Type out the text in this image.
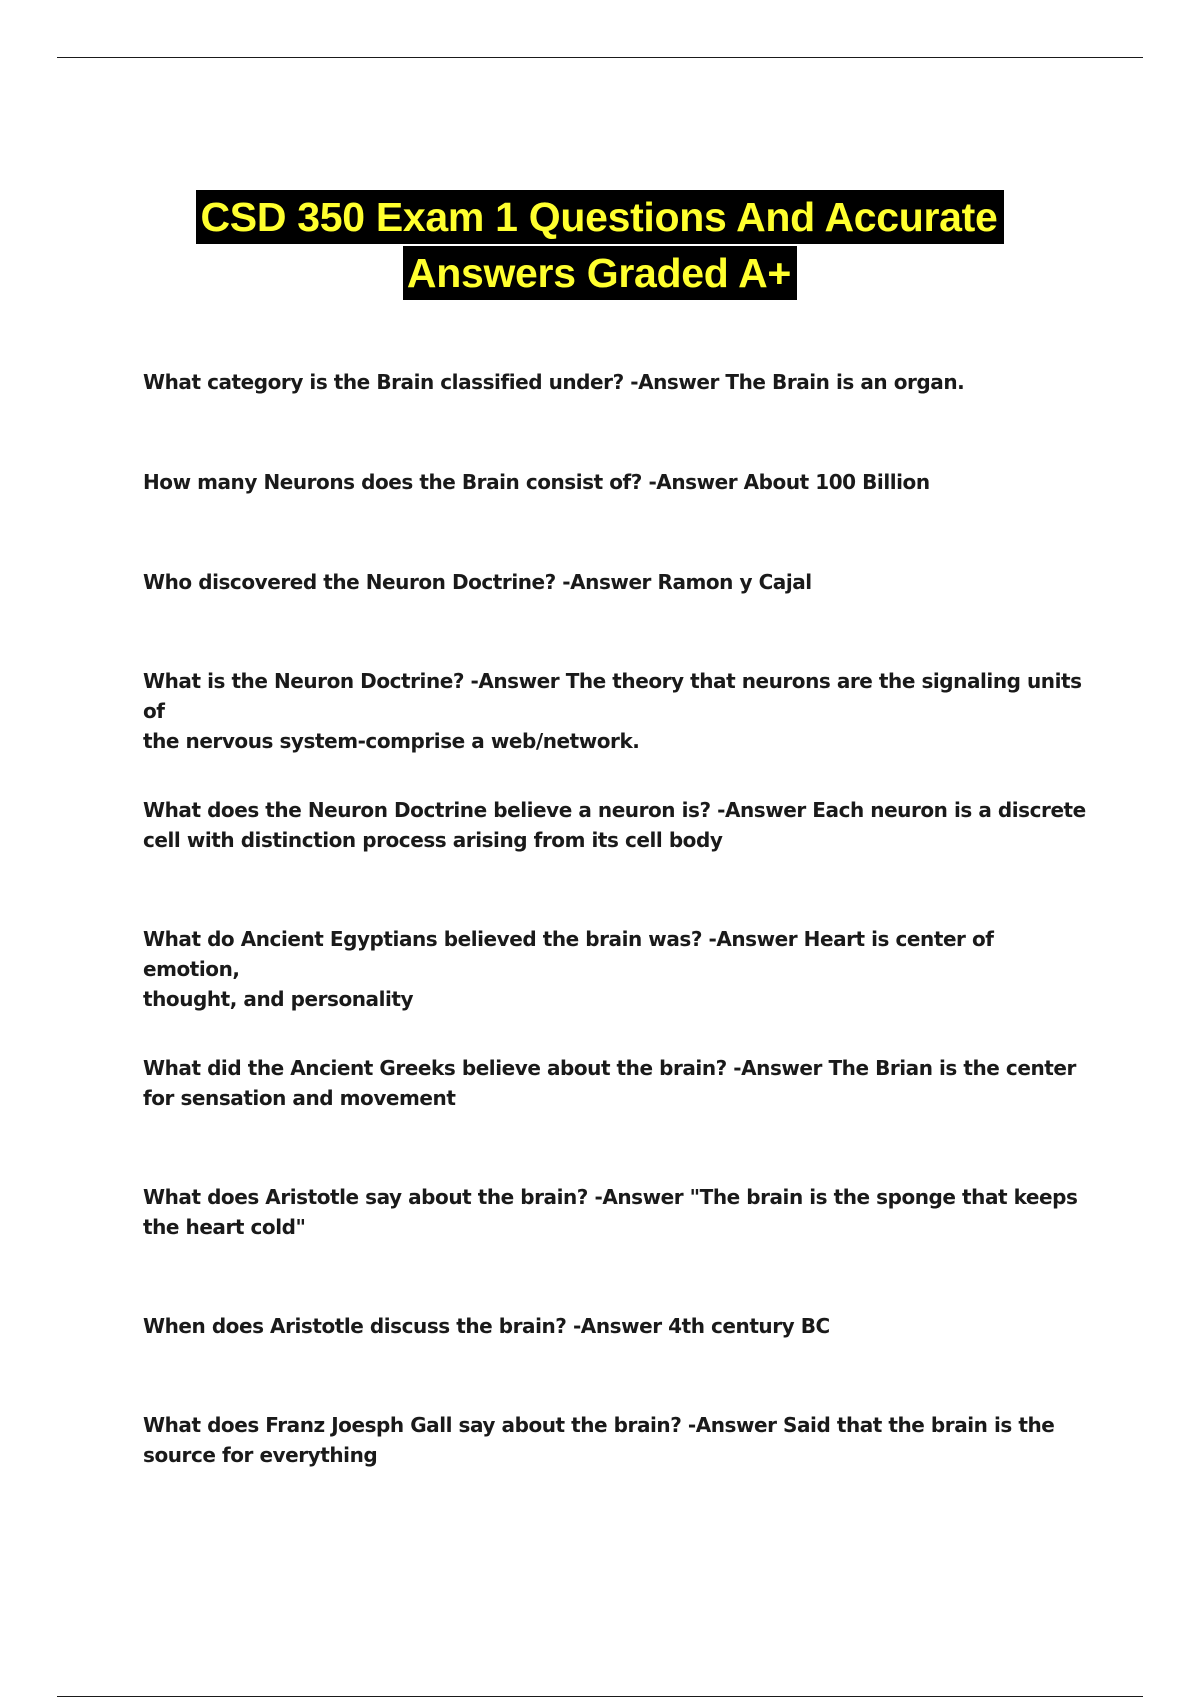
CSD 350 Exam 1 Questions And Accurate
Answers Graded A+
What category is the Brain classified under? -Answer The Brain is an organ.
How many Neurons does the Brain consist of? -Answer About 100 Billion
Who discovered the Neuron Doctrine? -Answer Ramon y Cajal
What is the Neuron Doctrine? -Answer The theory that neurons are the signaling units of
the nervous system-comprise a web/network.
What does the Neuron Doctrine believe a neuron is? -Answer Each neuron is a discrete
cell with distinction process arising from its cell body
What do Ancient Egyptians believed the brain was? -Answer Heart is center of emotion,
thought, and personality
What did the Ancient Greeks believe about the brain? -Answer The Brian is the center
for sensation and movement
What does Aristotle say about the brain? -Answer "The brain is the sponge that keeps
the heart cold"
When does Aristotle discuss the brain? -Answer 4th century BC
What does Franz Joesph Gall say about the brain? -Answer Said that the brain is the
source for everything
